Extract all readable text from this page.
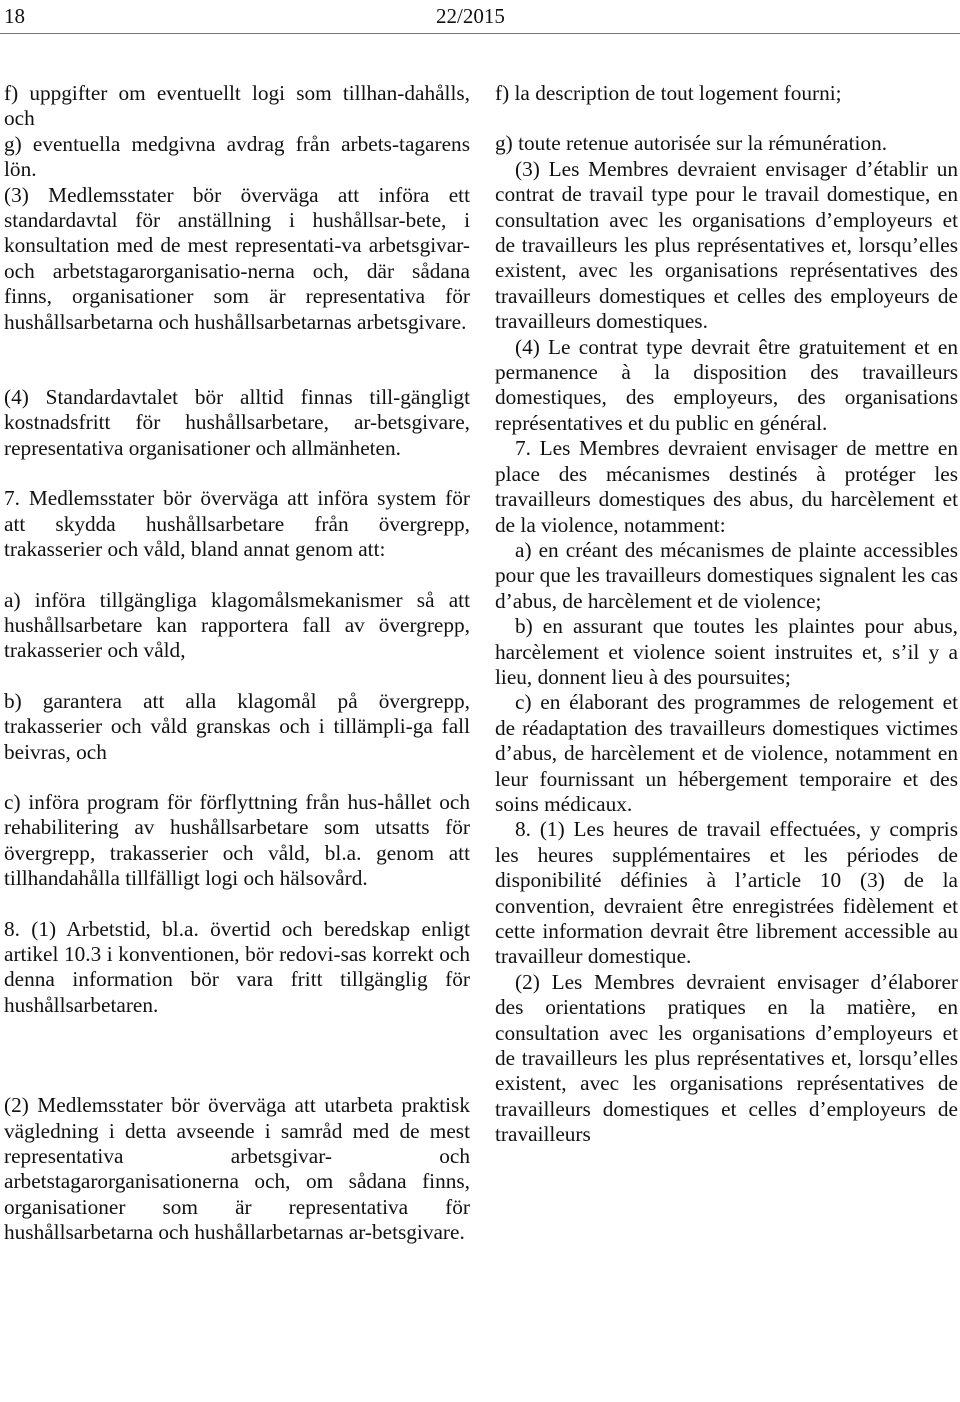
18	22/2015

f) uppgifter om eventuellt logi som tillhan-dahålls, och

g) eventuella medgivna avdrag från arbets-tagarens lön.

(3) Medlemsstater bör överväga att införa ett standardavtal för anställning i hushållsar-bete, i konsultation med de mest representati-va arbetsgivar- och arbetstagarorganisatio-nerna och, där sådana finns, organisationer som är representativa för hushållsarbetarna och hushållsarbetarnas arbetsgivare.

(4) Standardavtalet bör alltid finnas till-gängligt kostnadsfritt för hushållsarbetare, ar-betsgivare, representativa organisationer och allmänheten.

7. Medlemsstater bör överväga att införa system för att skydda hushållsarbetare från övergrepp, trakasserier och våld, bland annat genom att:

a) införa tillgängliga klagomålsmekanismer så att hushållsarbetare kan rapportera fall av övergrepp, trakasserier och våld,

b) garantera att alla klagomål på övergrepp, trakasserier och våld granskas och i tillämpli-ga fall beivras, och

c) införa program för förflyttning från hus-hållet och rehabilitering av hushållsarbetare som utsatts för övergrepp, trakasserier och våld, bl.a. genom att tillhandahålla tillfälligt logi och hälsovård.

8. (1) Arbetstid, bl.a. övertid och beredskap enligt artikel 10.3 i konventionen, bör redovi-sas korrekt och denna information bör vara fritt tillgänglig för hushållsarbetaren.

(2) Medlemsstater bör överväga att utarbeta praktisk vägledning i detta avseende i samråd med de mest representativa arbetsgivar- och arbetstagarorganisationerna och, om sådana finns, organisationer som är representativa för hushållsarbetarna och hushållarbetarnas ar-betsgivare.

f) la description de tout logement fourni;

g) toute retenue autorisée sur la rémunération.

(3) Les Membres devraient envisager d’établir un contrat de travail type pour le travail domestique, en consultation avec les organisations d’employeurs et de travailleurs les plus représentatives et, lorsqu’elles existent, avec les organisations représentatives des travailleurs domestiques et celles des employeurs de travailleurs domestiques.

(4) Le contrat type devrait être gratuitement et en permanence à la disposition des travailleurs domestiques, des employeurs, des organisations représentatives et du public en général.

7. Les Membres devraient envisager de mettre en place des mécanismes destinés à protéger les travailleurs domestiques des abus, du harcèlement et de la violence, notamment:

a) en créant des mécanismes de plainte accessibles pour que les travailleurs domestiques signalent les cas d’abus, de harcèlement et de violence;

b) en assurant que toutes les plaintes pour abus, harcèlement et violence soient instruites et, s’il y a lieu, donnent lieu à des poursuites;

c) en élaborant des programmes de relogement et de réadaptation des travailleurs domestiques victimes d’abus, de harcèlement et de violence, notamment en leur fournissant un hébergement temporaire et des soins médicaux.

8. (1) Les heures de travail effectuées, y compris les heures supplémentaires et les périodes de disponibilité définies à l’article 10 (3) de la convention, devraient être enregistrées fidèlement et cette information devrait être librement accessible au travailleur domestique.

(2) Les Membres devraient envisager d’élaborer des orientations pratiques en la matière, en consultation avec les organisations d’employeurs et de travailleurs les plus représentatives et, lorsqu’elles existent, avec les organisations représentatives de travailleurs domestiques et celles d’employeurs de travailleurs
